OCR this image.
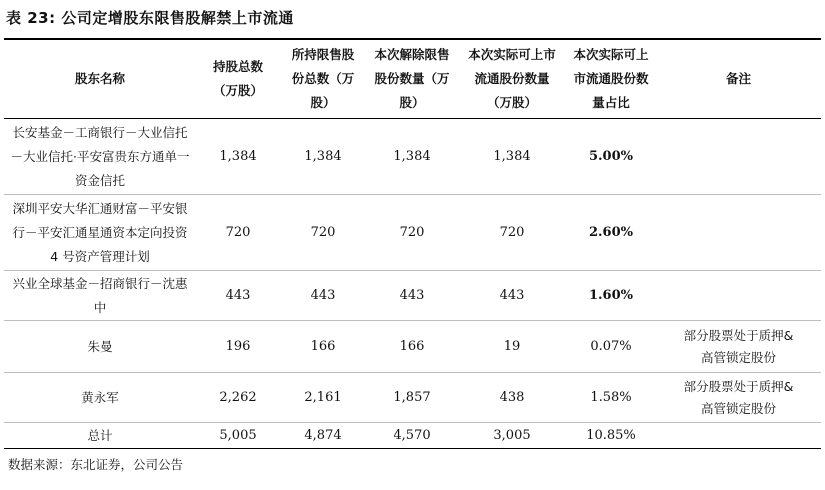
表 23: 公司定增股东限售股解禁上市流通
股东名称	持股总数（万股）	所持限售股份总数（万股）	本次解除限售股份数量（万股）	本次实际可上市流通股份数量（万股）	本次实际可上市流通股份数量占比	备注

长安基金－工商银行－大业信托－大业信托·平安富贵东方通单一资金信托	1,384	1,384	1,384	1,384	5.00%	

深圳平安大华汇通财富－平安银行－平安汇通星通资本定向投资 4 号资产管理计划	720	720	720	720	2.60%	

兴业全球基金－招商银行－沈惠中	443	443	443	443	1.60%	
朱曼	196	166	166	19	0.07%	部分股票处于质押&高管锁定股份

黄永军	2,262	2,161	1,857	438	1.58%	部分股票处于质押&高管锁定股份

总计	5,005	4,874	4,570	3,005	10.85%	
数据来源：东北证券，公司公告
